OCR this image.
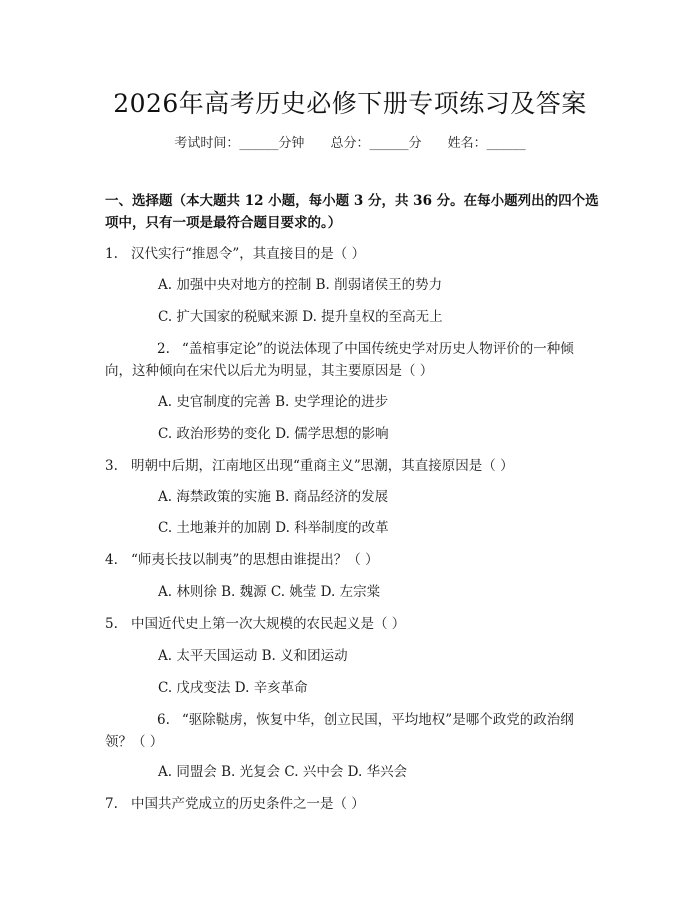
2026年高考历史必修下册专项练习及答案
考试时间：______分钟 总分：______分 姓名：______
一、选择题（本大题共 12 小题，每小题 3 分，共 36 分。在每小题列出的四个选项中，只有一项是最符合题目要求的。）
1. 汉代实行“推恩令”，其直接目的是（ ）
A. 加强中央对地方的控制 B. 削弱诸侯王的势力
C. 扩大国家的税赋来源 D. 提升皇权的至高无上
2. “盖棺事定论”的说法体现了中国传统史学对历史人物评价的一种倾向，这种倾向在宋代以后尤为明显，其主要原因是（ ）
A. 史官制度的完善 B. 史学理论的进步
C. 政治形势的变化 D. 儒学思想的影响
3. 明朝中后期，江南地区出现“重商主义”思潮，其直接原因是（ ）
A. 海禁政策的实施 B. 商品经济的发展
C. 土地兼并的加剧 D. 科举制度的改革
4. “师夷长技以制夷”的思想由谁提出？（ ）
A. 林则徐 B. 魏源 C. 姚莹 D. 左宗棠
5. 中国近代史上第一次大规模的农民起义是（ ）
A. 太平天国运动 B. 义和团运动
C. 戊戌变法 D. 辛亥革命
6. “驱除鞑虏，恢复中华，创立民国，平均地权”是哪个政党的政治纲领？（ ）
A. 同盟会 B. 光复会 C. 兴中会 D. 华兴会
7. 中国共产党成立的历史条件之一是（ ）
